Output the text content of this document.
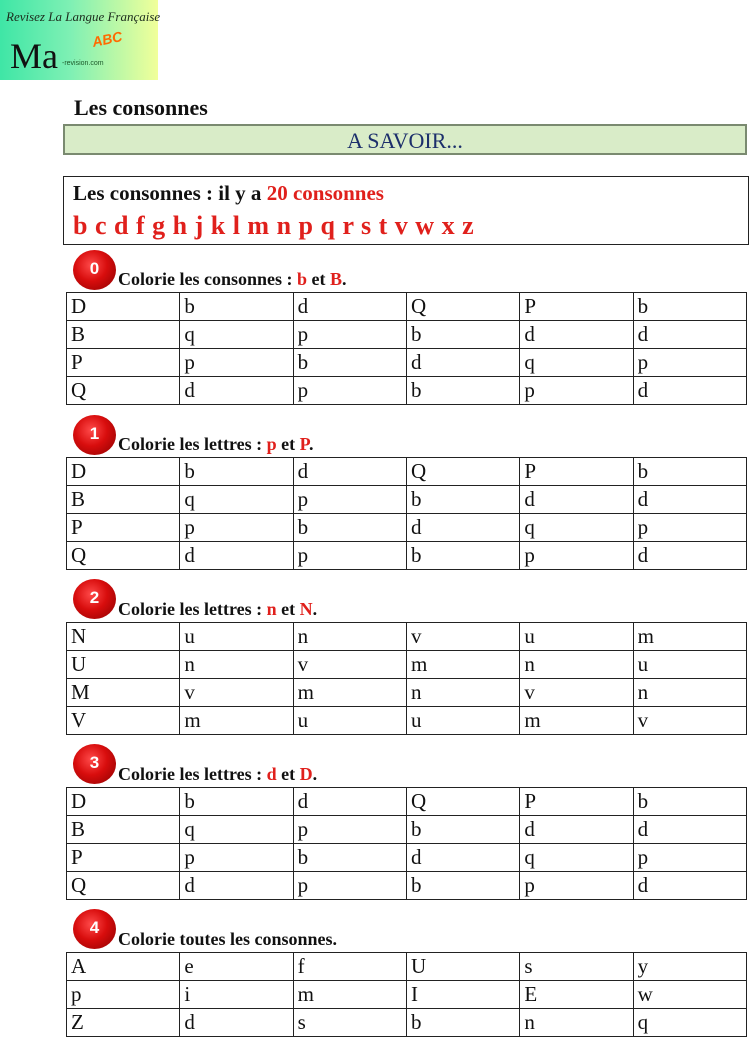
Revisez La Langue Française
Ma ABC
-revision.com
Les consonnes
A SAVOIR...
Les consonnes : il y a 20 consonnes
b c d f g h j k l m n p q r s t v w x z
0
Colorie les consonnes : b et B.
D	b	d	Q	P	b
B	q	p	b	d	d
P	p	b	d	q	p
Q	d	p	b	p	d
1
Colorie les lettres : p et P.
D	b	d	Q	P	b
B	q	p	b	d	d
P	p	b	d	q	p
Q	d	p	b	p	d
2
Colorie les lettres : n et N.
N	u	n	v	u	m
U	n	v	m	n	u
M	v	m	n	v	n
V	m	u	u	m	v
3
Colorie les lettres : d et D.
D	b	d	Q	P	b
B	q	p	b	d	d
P	p	b	d	q	p
Q	d	p	b	p	d
4
Colorie toutes les consonnes.
A	e	f	U	s	y
p	i	m	I	E	w
Z	d	s	b	n	q
